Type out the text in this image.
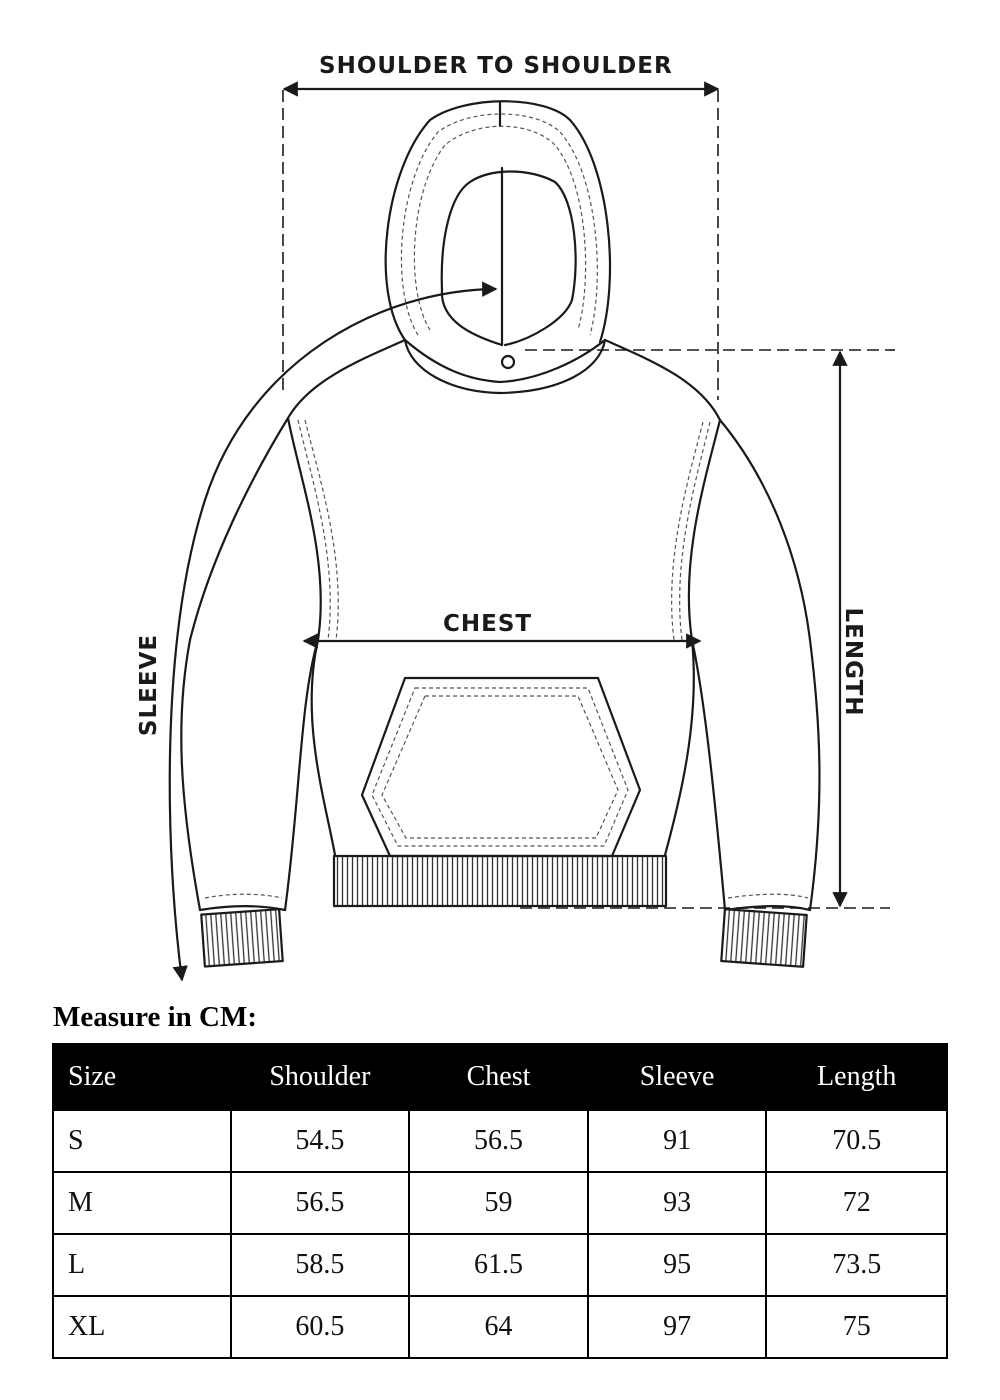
SHOULDER TO SHOULDER
CHEST
SLEEVE	LENGTH
Measure in CM:
Size	Shoulder	Chest	Sleeve	Length
S	54.5	56.5	91	70.5
M	56.5	59	93	72
L	58.5	61.5	95	73.5
XL	60.5	64	97	75
